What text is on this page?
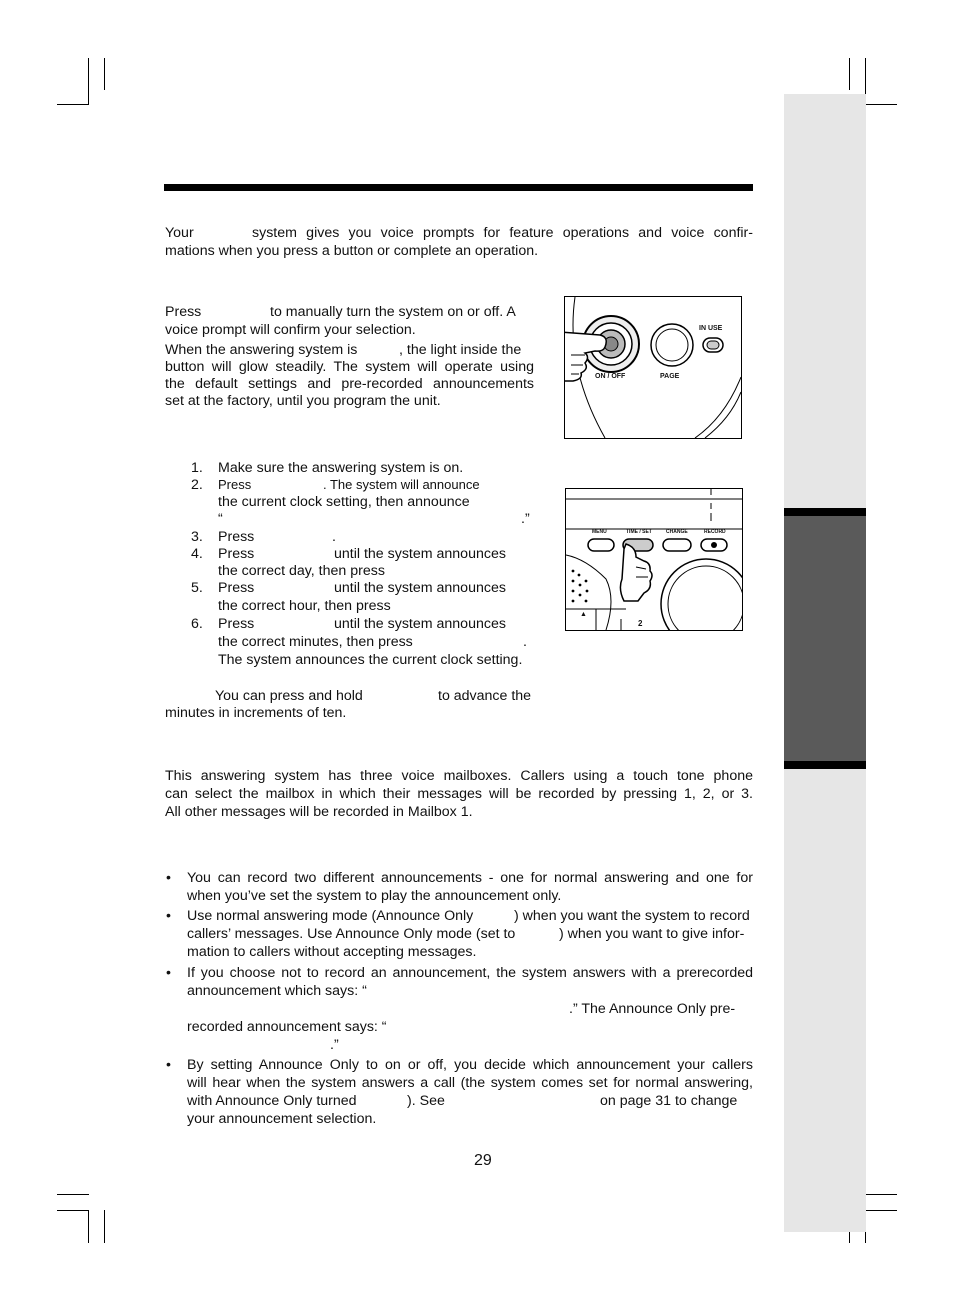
Your	system gives you voice prompts for feature operations and voice confir-
mations when you press a button or complete an operation.
Press	to manually turn the system on or off. A
voice prompt will confirm your selection.
When the answering system is	, the light inside the
button will glow steadily. The system will operate using
the default settings and pre-recorded announcements
set at the factory, until you program the unit.
ON / OFF	PAGE
IN USE
1. Make sure the answering system is on.
2. Press	. The system will announce
the current clock setting, then announce
“	.”
3. Press	.
4. Press	until the system announces
the correct day, then press
5. Press	until the system announces
the correct hour, then press
6. Press	until the system announces
the correct minutes, then press	.
The system announces the current clock setting.
You can press and hold	to advance the
minutes in increments of ten.
MENU	TIME / SET	CHANGE	RECORD
▲
2
This answering system has three voice mailboxes. Callers using a touch tone phone
can select the mailbox in which their messages will be recorded by pressing 1, 2, or 3.
All other messages will be recorded in Mailbox 1.
• You can record two different announcements - one for normal answering and one for
when you’ve set the system to play the announcement only.
• Use normal answering mode (Announce Only	) when you want the system to record
callers’ messages. Use Announce Only mode (set to	) when you want to give infor-
mation to callers without accepting messages.
• If you choose not to record an announcement, the system answers with a prerecorded
announcement which says: “
.” The Announce Only pre-
recorded announcement says: “
.”
• By setting Announce Only to on or off, you decide which announcement your callers
will hear when the system answers a call (the system comes set for normal answering,
with Announce Only turned	). See	on page 31 to change
your announcement selection.
29
